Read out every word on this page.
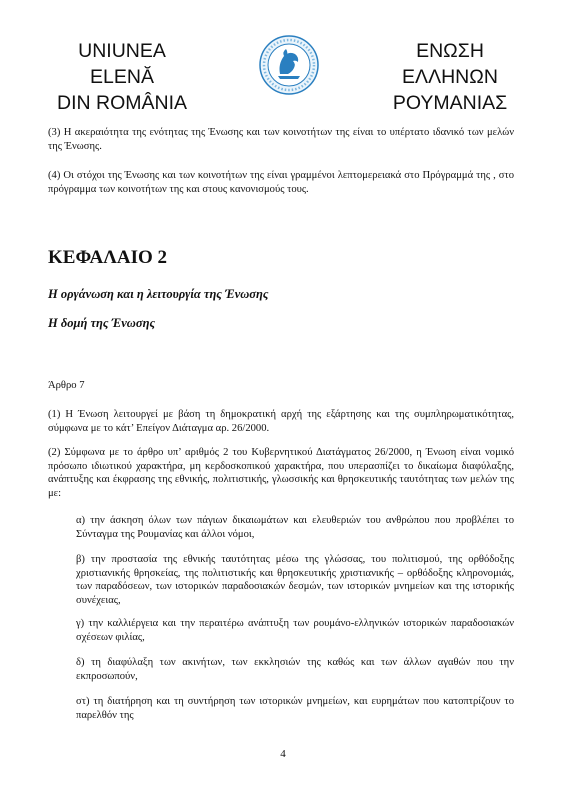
UNIUNEA ELENĂ
DIN ROMÂNIA
ΕΝΩΣΗ ΕΛΛΗΝΩΝ
ΡΟΥΜΑΝΙΑΣ

(3) Η ακεραιότητα της ενότητας της Ένωσης και των κοινοτήτων της είναι το υπέρτατο ιδανικό των μελών της Ένωσης.

(4) Οι στόχοι της Ένωσης και των κοινοτήτων της είναι γραμμένοι λεπτομερειακά στο Πρόγραμμά της , στο πρόγραμμα των κοινοτήτων της και στους κανονισμούς τους.

ΚΕΦΑΛΑΙΟ 2
Η οργάνωση και η λειτουργία της Ένωσης
Η δομή της Ένωσης

Άρθρο 7

(1) Η Ένωση λειτουργεί με βάση τη δημοκρατική αρχή της εξάρτησης και της συμπληρωματικότητας, σύμφωνα με το κάτ’ Επείγον Διάταγμα αρ. 26/2000.

(2) Σύμφωνα με το άρθρο υπ’ αριθμός 2 του Κυβερνητικού Διατάγματος 26/2000, η Ένωση είναι νομικό πρόσωπο ιδιωτικού χαρακτήρα, μη κερδοσκοπικού χαρακτήρα, που υπερασπίζει το δικαίωμα διαφύλαξης, ανάπτυξης και έκφρασης της εθνικής, πολιτιστικής, γλωσσικής και θρησκευτικής ταυτότητας των μελών της με:

α) την άσκηση όλων των πάγιων δικαιωμάτων και ελευθεριών του ανθρώπου που προβλέπει το Σύνταγμα της Ρουμανίας και άλλοι νόμοι,

β) την προστασία της εθνικής ταυτότητας μέσω της γλώσσας, του πολιτισμού, της ορθόδοξης χριστιανικής θρησκείας, της πολιτιστικής και θρησκευτικής χριστιανικής – ορθόδοξης κληρονομιάς, των παραδόσεων, των ιστορικών παραδοσιακών δεσμών, των ιστορικών μνημείων και της ιστορικής συνέχειας,

γ) την καλλιέργεια και την περαιτέρω ανάπτυξη των ρουμάνο-ελληνικών ιστορικών παραδοσιακών σχέσεων φιλίας,

δ) τη διαφύλαξη των ακινήτων, των εκκλησιών της καθώς και των άλλων αγαθών που την εκπροσωπούν,

στ) τη διατήρηση και τη συντήρηση των ιστορικών μνημείων, και ευρημάτων που κατοπτρίζουν το παρελθόν της

4
